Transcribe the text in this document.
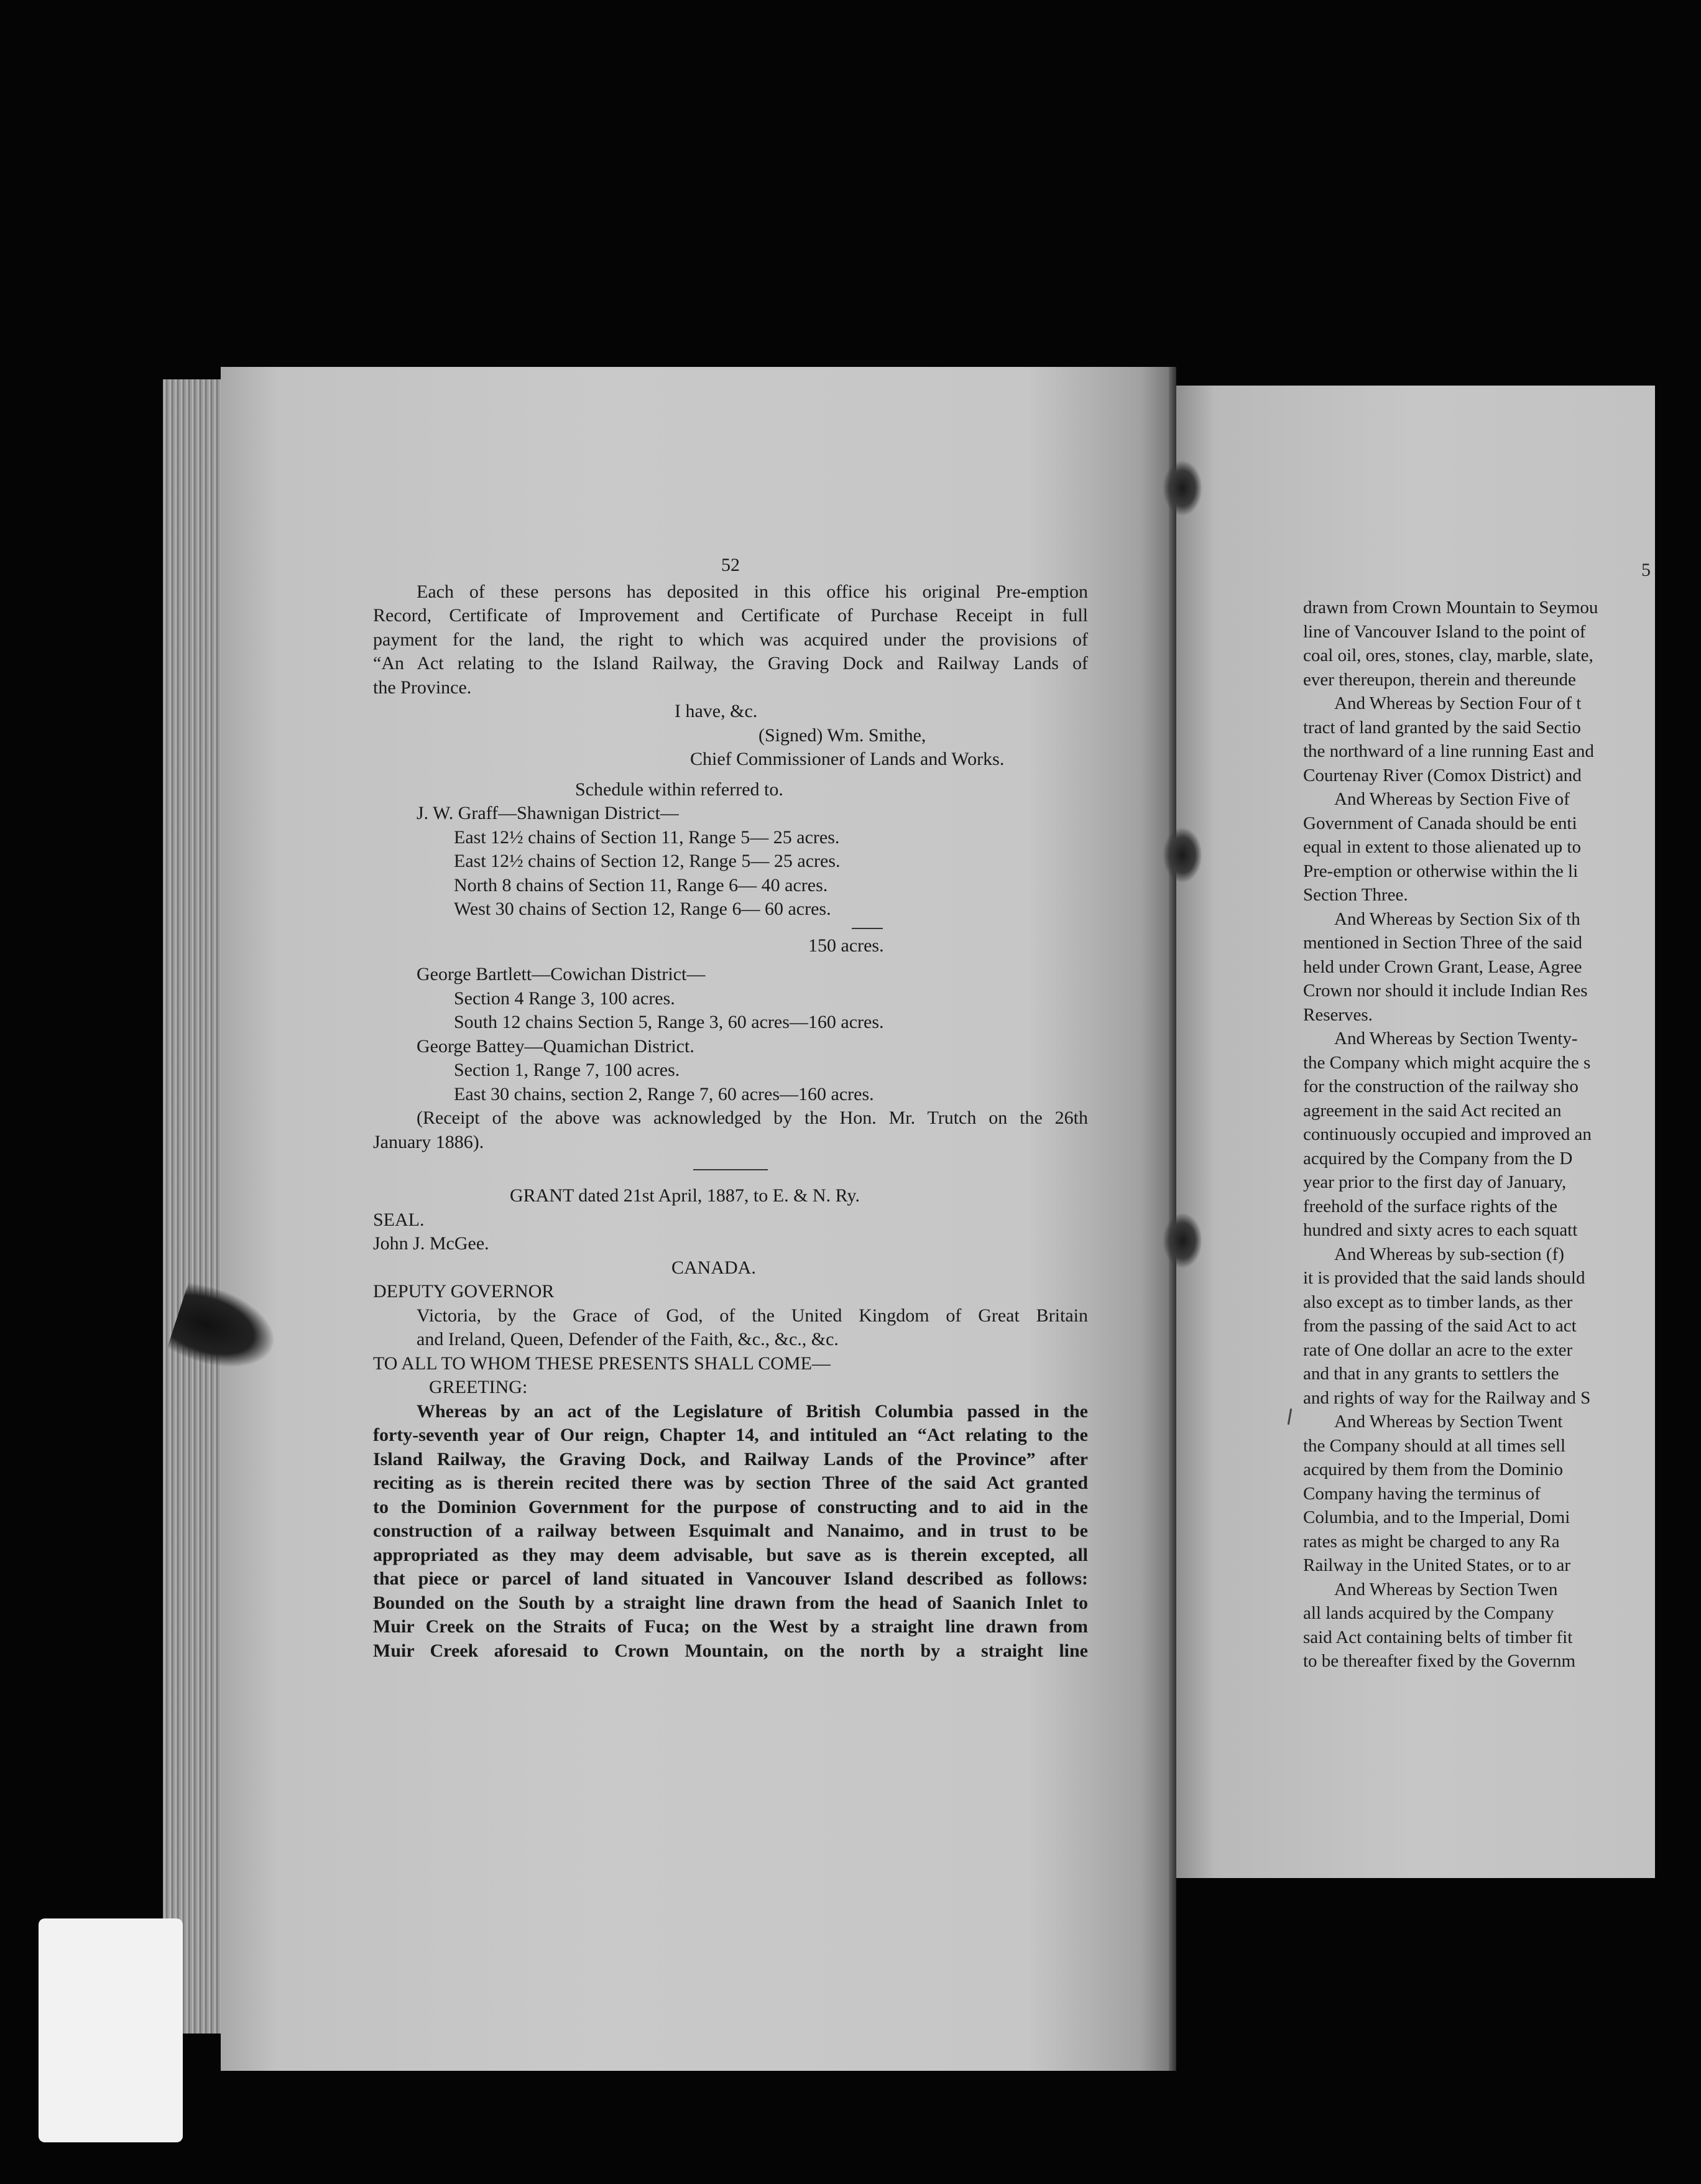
52
Each of these persons has deposited in this office his original Pre-emption
Record, Certificate of Improvement and Certificate of Purchase Receipt in full
payment for the land, the right to which was acquired under the provisions of
“An Act relating to the Island Railway, the Graving Dock and Railway Lands of
the Province.
I have, &c.
(Signed) Wm. Smithe,
Chief Commissioner of Lands and Works.
Schedule within referred to.
J. W. Graff—Shawnigan District—
East 12½ chains of Section 11, Range 5— 25 acres.
East 12½ chains of Section 12, Range 5— 25 acres.
North 8 chains of Section 11, Range 6— 40 acres.
West 30 chains of Section 12, Range 6— 60 acres.
150 acres.
George Bartlett—Cowichan District—
Section 4 Range 3, 100 acres.
South 12 chains Section 5, Range 3, 60 acres—160 acres.
George Battey—Quamichan District.
Section 1, Range 7, 100 acres.
East 30 chains, section 2, Range 7, 60 acres—160 acres.
(Receipt of the above was acknowledged by the Hon. Mr. Trutch on the 26th
January 1886).
GRANT dated 21st April, 1887, to E. & N. Ry.
SEAL.
John J. McGee.
CANADA.
DEPUTY GOVERNOR
Victoria, by the Grace of God, of the United Kingdom of Great Britain
and Ireland, Queen, Defender of the Faith, &c., &c., &c.
TO ALL TO WHOM THESE PRESENTS SHALL COME—
GREETING:
Whereas by an act of the Legislature of British Columbia passed in the
forty-seventh year of Our reign, Chapter 14, and intituled an “Act relating to the
Island Railway, the Graving Dock, and Railway Lands of the Province” after
reciting as is therein recited there was by section Three of the said Act granted
to the Dominion Government for the purpose of constructing and to aid in the
construction of a railway between Esquimalt and Nanaimo, and in trust to be
appropriated as they may deem advisable, but save as is therein excepted, all
that piece or parcel of land situated in Vancouver Island described as follows:
Bounded on the South by a straight line drawn from the head of Saanich Inlet to
Muir Creek on the Straits of Fuca; on the West by a straight line drawn from
Muir Creek aforesaid to Crown Mountain, on the north by a straight line
5
drawn from Crown Mountain to Seymou
line of Vancouver Island to the point of
coal oil, ores, stones, clay, marble, slate,
ever thereupon, therein and thereunde
And Whereas by Section Four of t
tract of land granted by the said Sectio
the northward of a line running East and
Courtenay River (Comox District) and
And Whereas by Section Five of
Government of Canada should be enti
equal in extent to those alienated up to
Pre-emption or otherwise within the li
Section Three.
And Whereas by Section Six of th
mentioned in Section Three of the said
held under Crown Grant, Lease, Agree
Crown nor should it include Indian Res
Reserves.
And Whereas by Section Twenty-
the Company which might acquire the s
for the construction of the railway sho
agreement in the said Act recited an
continuously occupied and improved an
acquired by the Company from the D
year prior to the first day of January,
freehold of the surface rights of the
hundred and sixty acres to each squatt
And Whereas by sub-section (f)
it is provided that the said lands should
also except as to timber lands, as ther
from the passing of the said Act to act
rate of One dollar an acre to the exter
and that in any grants to settlers the
and rights of way for the Railway and S
And Whereas by Section Twent
the Company should at all times sell
acquired by them from the Dominio
Company having the terminus of
Columbia, and to the Imperial, Domi
rates as might be charged to any Ra
Railway in the United States, or to ar
And Whereas by Section Twen
all lands acquired by the Company
said Act containing belts of timber fit
to be thereafter fixed by the Governm
